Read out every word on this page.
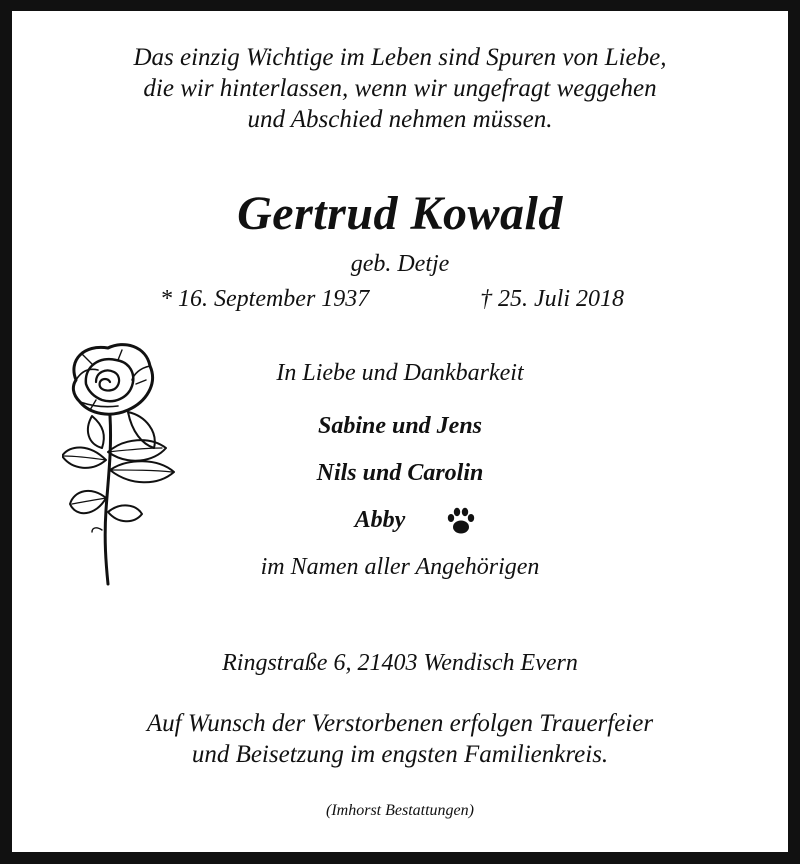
Das einzig Wichtige im Leben sind Spuren von Liebe,
die wir hinterlassen, wenn wir ungefragt weggehen
und Abschied nehmen müssen.
Gertrud Kowald
geb. Detje
* 16. September 1937	† 25. Juli 2018
In Liebe und Dankbarkeit
Sabine und Jens
Nils und Carolin
Abby
im Namen aller Angehörigen
Ringstraße 6, 21403 Wendisch Evern
Auf Wunsch der Verstorbenen erfolgen Trauerfeier
und Beisetzung im engsten Familienkreis.
(Imhorst Bestattungen)
